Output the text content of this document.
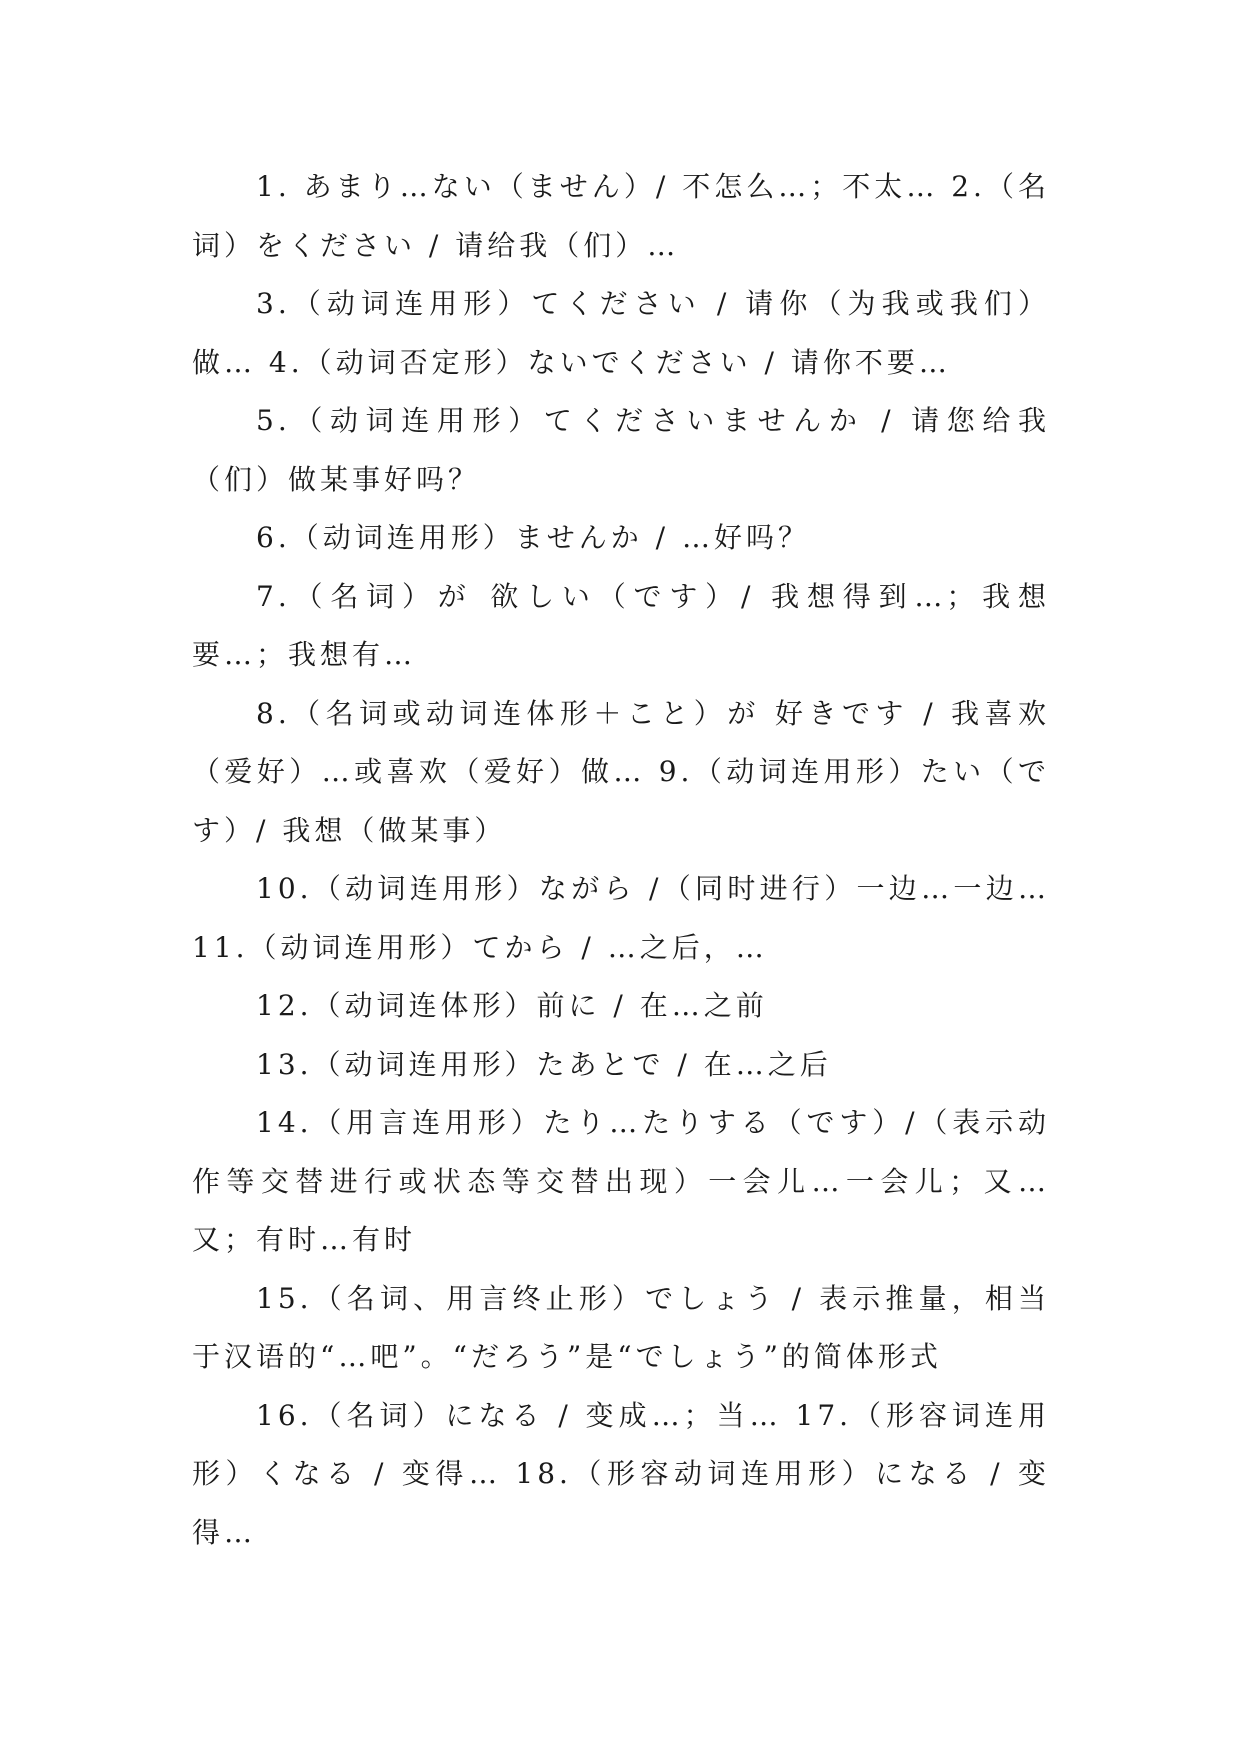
1. あまり…ない（ません）/ 不怎么…；不太… 2.（名词）をください / 请给我（们）…

3.（动词连用形）てください / 请你（为我或我们）做… 4.（动词否定形）ないでください / 请你不要…

5.（动词连用形）てくださいませんか / 请您给我（们）做某事好吗？

6.（动词连用形）ませんか / …好吗？

7.（名词）が 欲しい（です）/ 我想得到…；我想要…；我想有…

8.（名词或动词连体形＋こと）が 好きです / 我喜欢（爱好）…或喜欢（爱好）做… 9.（动词连用形）たい（です）/ 我想（做某事）

10.（动词连用形）ながら /（同时进行）一边…一边… 11.（动词连用形）てから / …之后，…

12.（动词连体形）前に / 在…之前

13.（动词连用形）たあとで / 在…之后

14.（用言连用形）たり…たりする（です）/（表示动作等交替进行或状态等交替出现）一会儿…一会儿；又…又；有时…有时

15.（名词、用言终止形）でしょう / 表示推量，相当于汉语的“…吧”。“だろう”是“でしょう”的简体形式

16.（名词）になる / 变成…；当… 17.（形容词连用形）くなる / 变得… 18.（形容动词连用形）になる / 变得…
